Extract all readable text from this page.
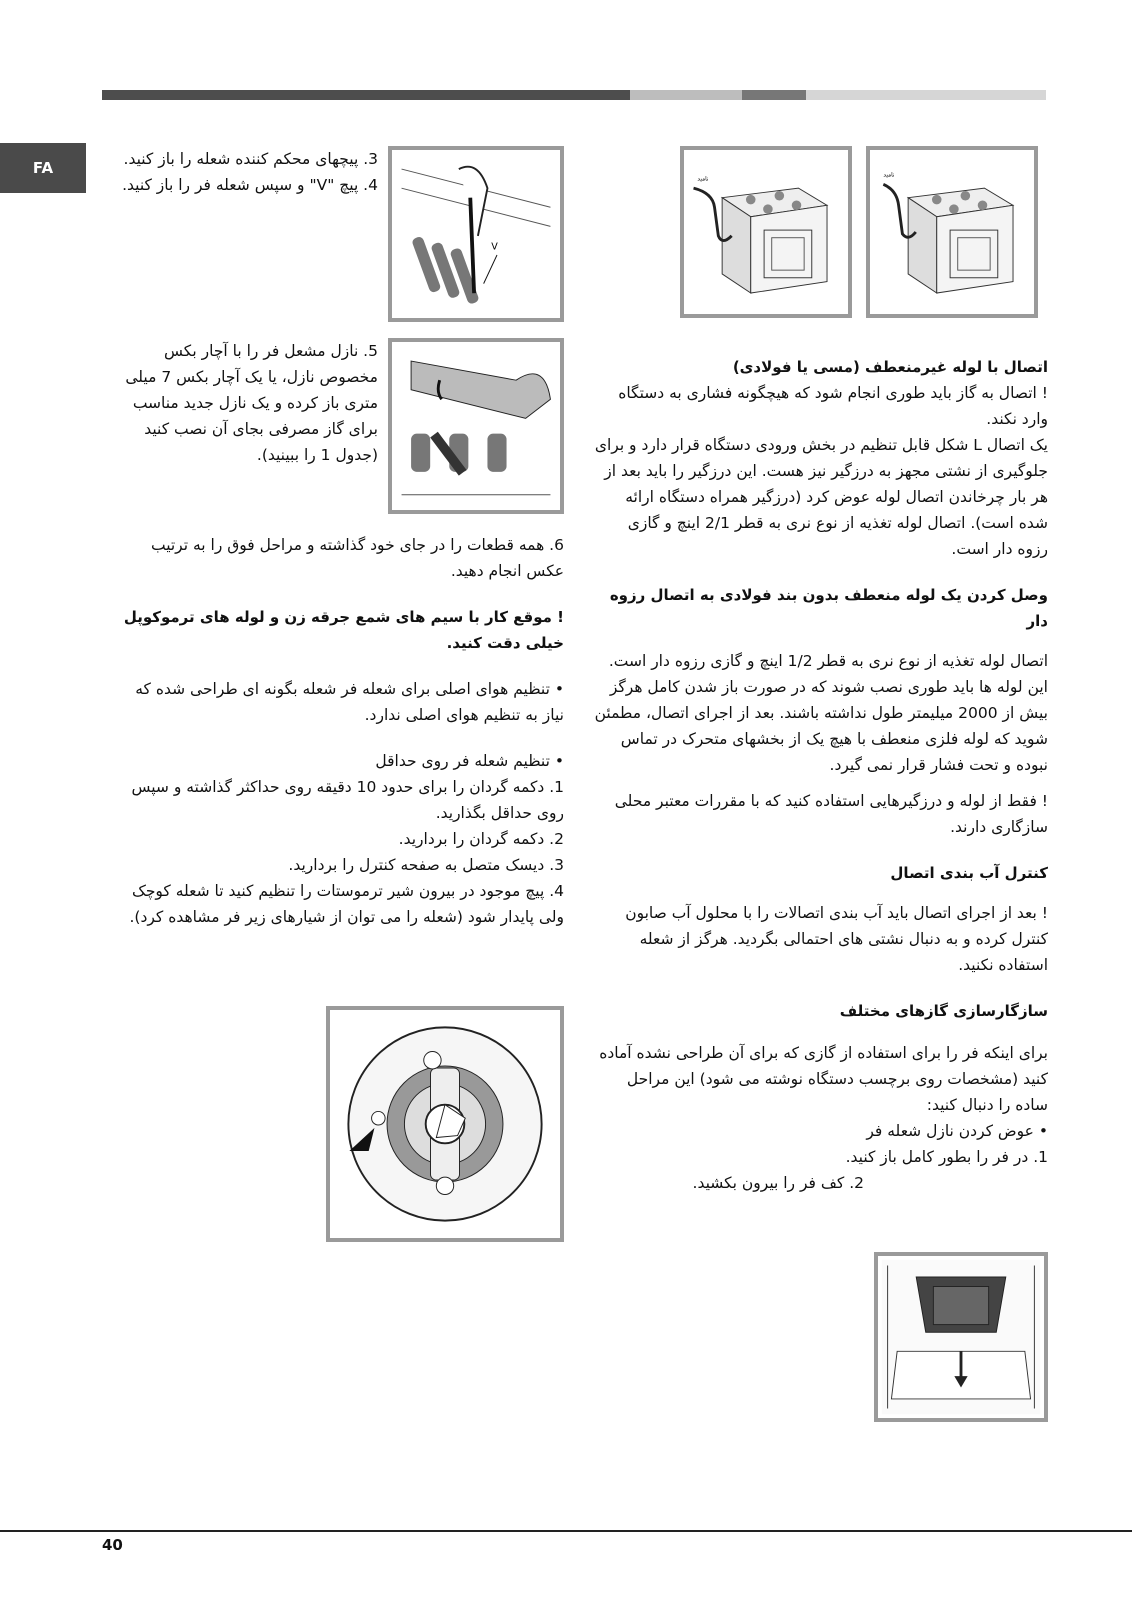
FA
نامید
نامید

اتصال با لوله غیرمنعطف (مسی یا فولادی)

! اتصال به گاز باید طوری انجام شود که هیچگونه فشاری به دستگاه وارد نکند.

یک اتصال L شکل قابل تنظیم در بخش ورودی دستگاه قرار دارد و برای جلوگیری از نشتی مجهز به درزگیر نیز هست. این درزگیر را باید بعد از هر بار چرخاندن اتصال لوله عوض کرد (درزگیر همراه دستگاه ارائه شده است). اتصال لوله تغذیه از نوع نری به قطر 2/1 اینچ و گازی رزوه دار است.

وصل کردن یک لوله منعطف بدون بند فولادی به اتصال رزوه دار

اتصال لوله تغذیه از نوع نری به قطر 1/2 اینچ و گازی رزوه دار است.

این لوله ها باید طوری نصب شوند که در صورت باز شدن کامل هرگز بیش از 2000 میلیمتر طول نداشته باشند. بعد از اجرای اتصال، مطمئن شوید که لوله فلزی منعطف با هیچ یک از بخشهای متحرک در تماس نبوده و تحت فشار قرار نمی گیرد.

! فقط از لوله و درزگیرهایی استفاده کنید که با مقررات معتبر محلی سازگاری دارند.

کنترل آب بندی اتصال

! بعد از اجرای اتصال باید آب بندی اتصالات را با محلول آب صابون کنترل کرده و به دنبال نشتی های احتمالی بگردید. هرگز از شعله استفاده نکنید.

سازگارسازی گازهای مختلف

برای اینکه فر را برای استفاده از گازی که برای آن طراحی نشده آماده کنید (مشخصات روی برچسب دستگاه نوشته می شود) این مراحل ساده را دنبال کنید:

• عوض کردن نازل شعله فر

1. در فر را بطور کامل باز کنید.

2. کف فر را بیرون بکشید.

V

3. پیچهای محکم کننده شعله را باز کنید.

4. پیچ "V" و سپس شعله فر را باز کنید.

5. نازل مشعل فر را با آچار بکس مخصوص نازل، یا یک آچار بکس 7 میلی متری باز کرده و یک نازل جدید مناسب برای گاز مصرفی بجای آن نصب کنید (جدول 1 را ببینید).

6. همه قطعات را در جای خود گذاشته و مراحل فوق را به ترتیب عکس انجام دهید.

! موقع کار با سیم های شمع جرقه زن و لوله های ترموکوپل خیلی دقت کنید.

• تنظیم هوای اصلی برای شعله فر شعله بگونه ای طراحی شده که نیاز به تنظیم هوای اصلی ندارد.

• تنظیم شعله فر روی حداقل

1. دکمه گردان را برای حدود 10 دقیقه روی حداکثر گذاشته و سپس روی حداقل بگذارید.

2. دکمه گردان را بردارید.

3. دیسک متصل به صفحه کنترل را بردارید.

4. پیچ موجود در بیرون شیر ترموستات را تنظیم کنید تا شعله کوچک ولی پایدار شود (شعله را می توان از شیارهای زیر فر مشاهده کرد).

40
